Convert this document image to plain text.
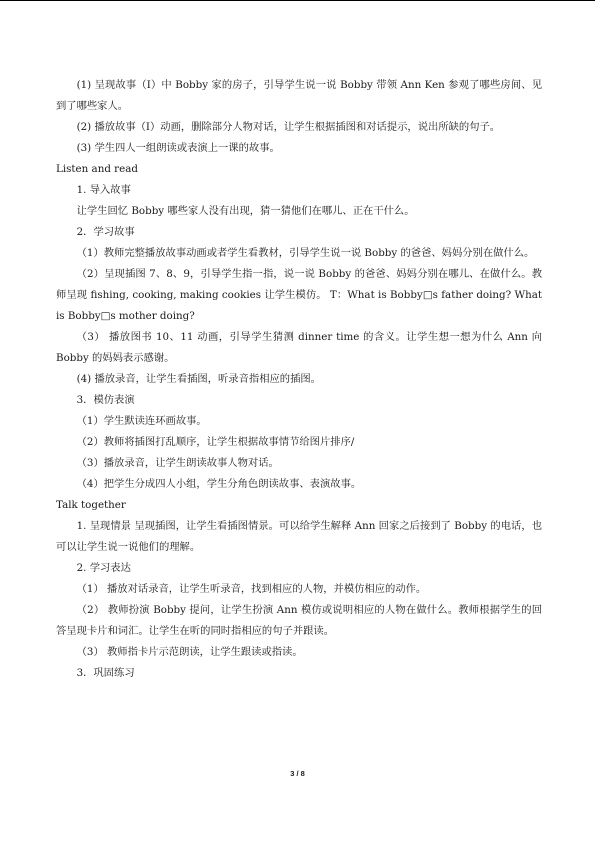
(1) 呈现故事（Ⅰ）中 Bobby 家的房子，引导学生说一说 Bobby 带领 Ann Ken 参观了哪些房间、见到了哪些家人。

(2) 播放故事（I）动画，删除部分人物对话，让学生根据插图和对话提示，说出所缺的句子。

(3) 学生四人一组朗读或表演上一课的故事。

Listen and read

1. 导入故事

让学生回忆 Bobby 哪些家人没有出现，猜一猜他们在哪儿、正在干什么。

2．学习故事

（1）教师完整播放故事动画或者学生看教材，引导学生说一说 Bobby 的爸爸、妈妈分别在做什么。

（2）呈现插图 7、8、9，引导学生指一指，说一说 Bobby 的爸爸、妈妈分别在哪儿、在做什么。教师呈现 fishing, cooking, making cookies 让学生模仿。 T：What is Bobby□s father doing? What is Bobby□s mother doing?

（3） 播放图书 10、11 动画，引导学生猜测 dinner time 的含义。让学生想一想为什么 Ann 向 Bobby 的妈妈表示感谢。

(4) 播放录音，让学生看插图，听录音指相应的插图。

3．模仿表演

（1）学生默读连环画故事。

（2）教师将插图打乱顺序，让学生根据故事情节给图片排序/

（3）播放录音，让学生朗读故事人物对话。

（4）把学生分成四人小组，学生分角色朗读故事、表演故事。

Talk together

1. 呈现情景 呈现插图，让学生看插图情景。可以给学生解释 Ann 回家之后接到了 Bobby 的电话，也可以让学生说一说他们的理解。

2. 学习表达

（1） 播放对话录音，让学生听录音，找到相应的人物，并模仿相应的动作。

（2） 教师扮演 Bobby 提问，让学生扮演 Ann 模仿或说明相应的人物在做什么。教师根据学生的回答呈现卡片和词汇。让学生在听的同时指相应的句子并跟读。

（3） 教师指卡片示范朗读，让学生跟读或指读。

3．巩固练习

3 / 8
